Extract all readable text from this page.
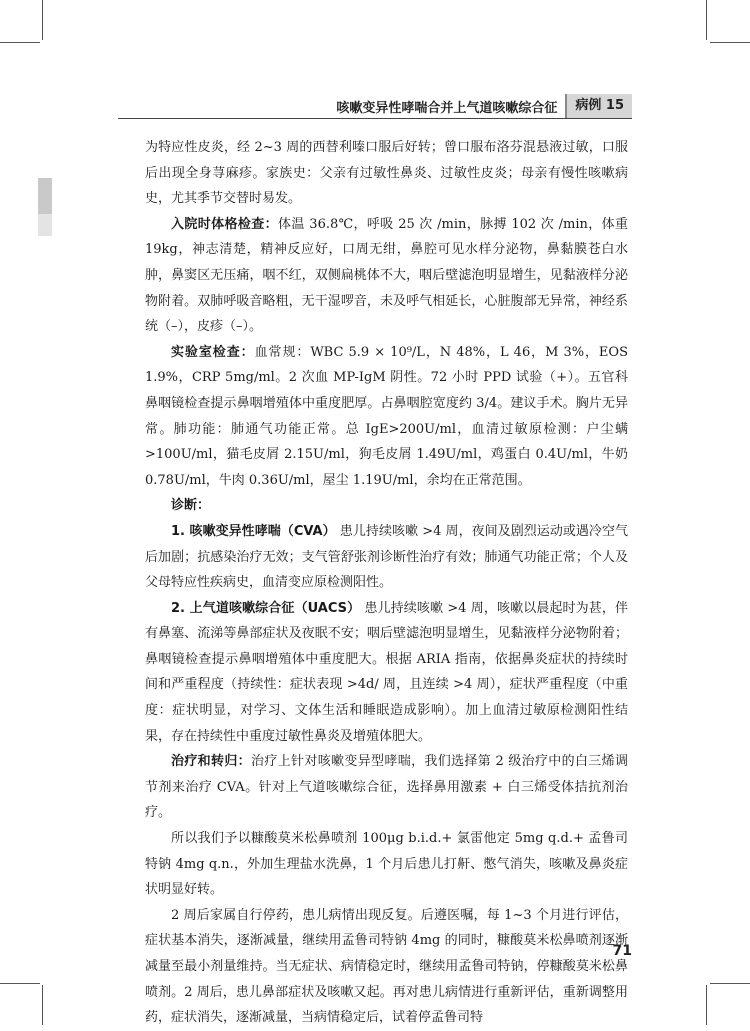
咳嗽变异性哮喘合并上气道咳嗽综合征	病例 15

为特应性皮炎，经 2~3 周的西替利嗪口服后好转；曾口服布洛芬混悬液过敏，口服后出现全身荨麻疹。家族史：父亲有过敏性鼻炎、过敏性皮炎；母亲有慢性咳嗽病史，尤其季节交替时易发。

入院时体格检查：体温 36.8℃，呼吸 25 次 /min，脉搏 102 次 /min，体重 19kg，神志清楚，精神反应好，口周无绀，鼻腔可见水样分泌物，鼻黏膜苍白水肿，鼻窦区无压痛，咽不红，双侧扁桃体不大，咽后壁滤泡明显增生，见黏液样分泌物附着。双肺呼吸音略粗，无干湿啰音，未及呼气相延长，心脏腹部无异常，神经系统（–），皮疹（–）。

实验室检查：血常规：WBC 5.9 × 10⁹/L，N 48%，L 46，M 3%，EOS 1.9%，CRP 5mg/ml。2 次血 MP-IgM 阴性。72 小时 PPD 试验（+）。五官科鼻咽镜检查提示鼻咽增殖体中重度肥厚。占鼻咽腔宽度约 3/4。建议手术。胸片无异常。肺功能：肺通气功能正常。总 IgE>200U/ml，血清过敏原检测：户尘螨 >100U/ml，猫毛皮屑 2.15U/ml，狗毛皮屑 1.49U/ml，鸡蛋白 0.4U/ml，牛奶 0.78U/ml，牛肉 0.36U/ml，屋尘 1.19U/ml，余均在正常范围。

诊断：

1. 咳嗽变异性哮喘（CVA） 患儿持续咳嗽 >4 周，夜间及剧烈运动或遇冷空气后加剧；抗感染治疗无效；支气管舒张剂诊断性治疗有效；肺通气功能正常；个人及父母特应性疾病史，血清变应原检测阳性。

2. 上气道咳嗽综合征（UACS） 患儿持续咳嗽 >4 周，咳嗽以晨起时为甚，伴有鼻塞、流涕等鼻部症状及夜眠不安；咽后壁滤泡明显增生，见黏液样分泌物附着；鼻咽镜检查提示鼻咽增殖体中重度肥大。根据 ARIA 指南，依据鼻炎症状的持续时间和严重程度（持续性：症状表现 >4d/ 周，且连续 >4 周），症状严重程度（中重度：症状明显，对学习、文体生活和睡眠造成影响）。加上血清过敏原检测阳性结果，存在持续性中重度过敏性鼻炎及增殖体肥大。

治疗和转归：治疗上针对咳嗽变异型哮喘，我们选择第 2 级治疗中的白三烯调节剂来治疗 CVA。针对上气道咳嗽综合征，选择鼻用激素 + 白三烯受体拮抗剂治疗。

所以我们予以糠酸莫米松鼻喷剂 100μg b.i.d.+ 氯雷他定 5mg q.d.+ 孟鲁司特钠 4mg q.n.，外加生理盐水洗鼻，1 个月后患儿打鼾、憋气消失，咳嗽及鼻炎症状明显好转。

2 周后家属自行停药，患儿病情出现反复。后遵医嘱，每 1~3 个月进行评估，症状基本消失，逐渐减量，继续用孟鲁司特钠 4mg 的同时，糠酸莫米松鼻喷剂逐渐减量至最小剂量维持。当无症状、病情稳定时，继续用孟鲁司特钠，停糠酸莫米松鼻喷剂。2 周后，患儿鼻部症状及咳嗽又起。再对患儿病情进行重新评估，重新调整用药，症状消失，逐渐减量，当病情稳定后，试着停孟鲁司特

71
